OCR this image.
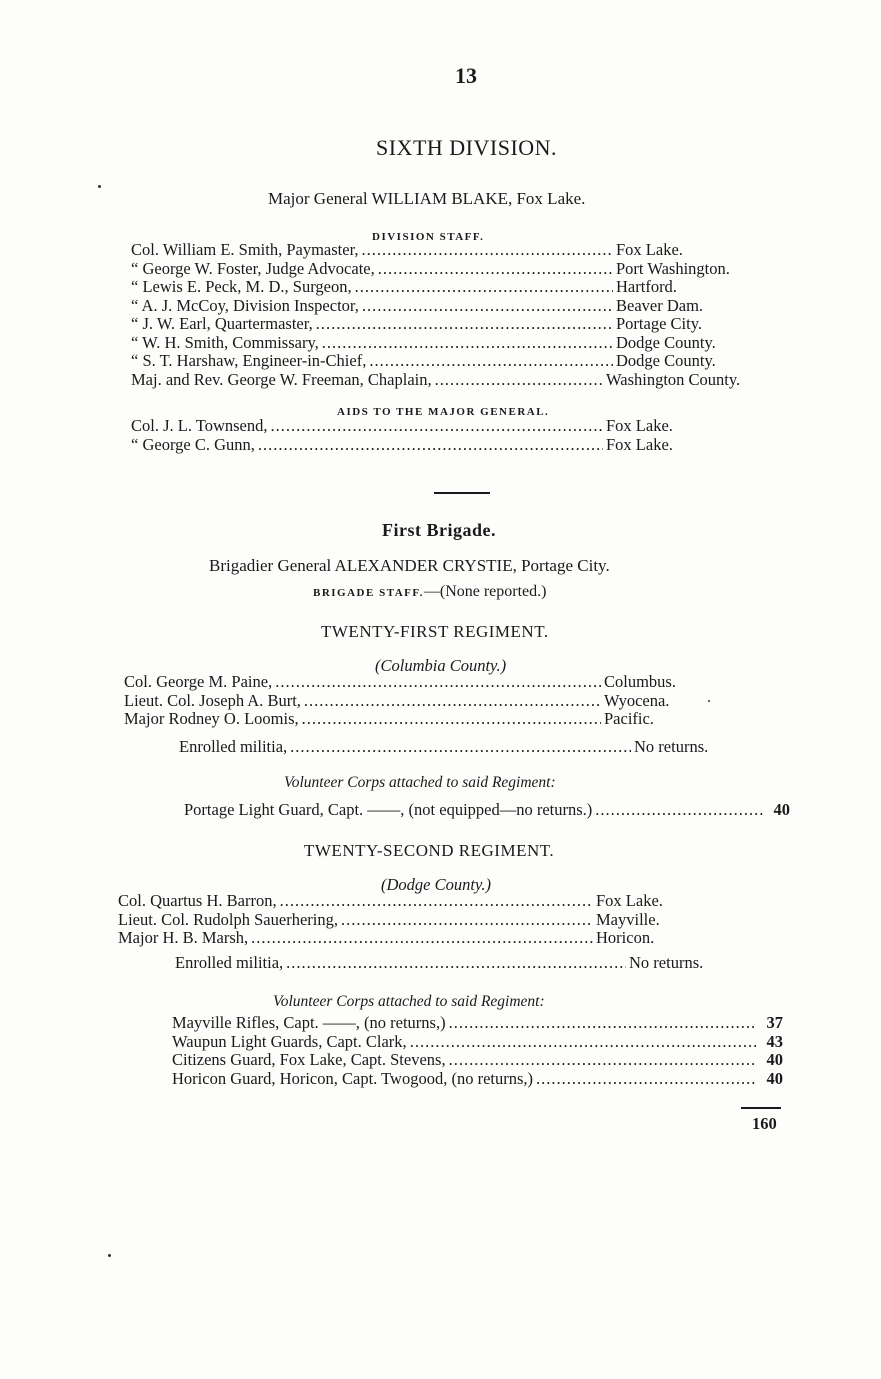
13
SIXTH DIVISION.
Major General WILLIAM BLAKE, Fox Lake.
DIVISION STAFF.
Col. William E. Smith, Paymaster, .....	Fox Lake.
“ George W. Foster, Judge Advocate, .....	Port Washington.
“ Lewis E. Peck, M. D., Surgeon, .....	Hartford.
“ A. J. McCoy, Division Inspector, .....	Beaver Dam.
“ J. W. Earl, Quartermaster, .....	Portage City.
“ W. H. Smith, Commissary, .....	Dodge County.
“ S. T. Harshaw, Engineer-in-Chief, .....	Dodge County.
Maj. and Rev. George W. Freeman, Chaplain, .....	Washington County.
AIDS TO THE MAJOR GENERAL.
Col. J. L. Townsend, .....	Fox Lake.
“ George C. Gunn, .....	Fox Lake.
First Brigade.
Brigadier General ALEXANDER CRYSTIE, Portage City.
BRIGADE STAFF.—(None reported.)
TWENTY-FIRST REGIMENT.
(Columbia County.)
Col. George M. Paine, .....	Columbus.
Lieut. Col. Joseph A. Burt, .....	Wyocena.
Major Rodney O. Loomis, .....	Pacific.
Enrolled militia, .....	No returns.
Volunteer Corps attached to said Regiment:
Portage Light Guard, Capt. ——, (not equipped—no returns.) .....	40
TWENTY-SECOND REGIMENT.
(Dodge County.)
Col. Quartus H. Barron, .....	Fox Lake.
Lieut. Col. Rudolph Sauerhering, .....	Mayville.
Major H. B. Marsh, .....	Horicon.
Enrolled militia, .....	No returns.
Volunteer Corps attached to said Regiment:
Mayville Rifles, Capt. ——, (no returns,) .....	37
Waupun Light Guards, Capt. Clark, .....	43
Citizens Guard, Fox Lake, Capt. Stevens, .....	40
Horicon Guard, Horicon, Capt. Twogood, (no returns,) .....	40
160
